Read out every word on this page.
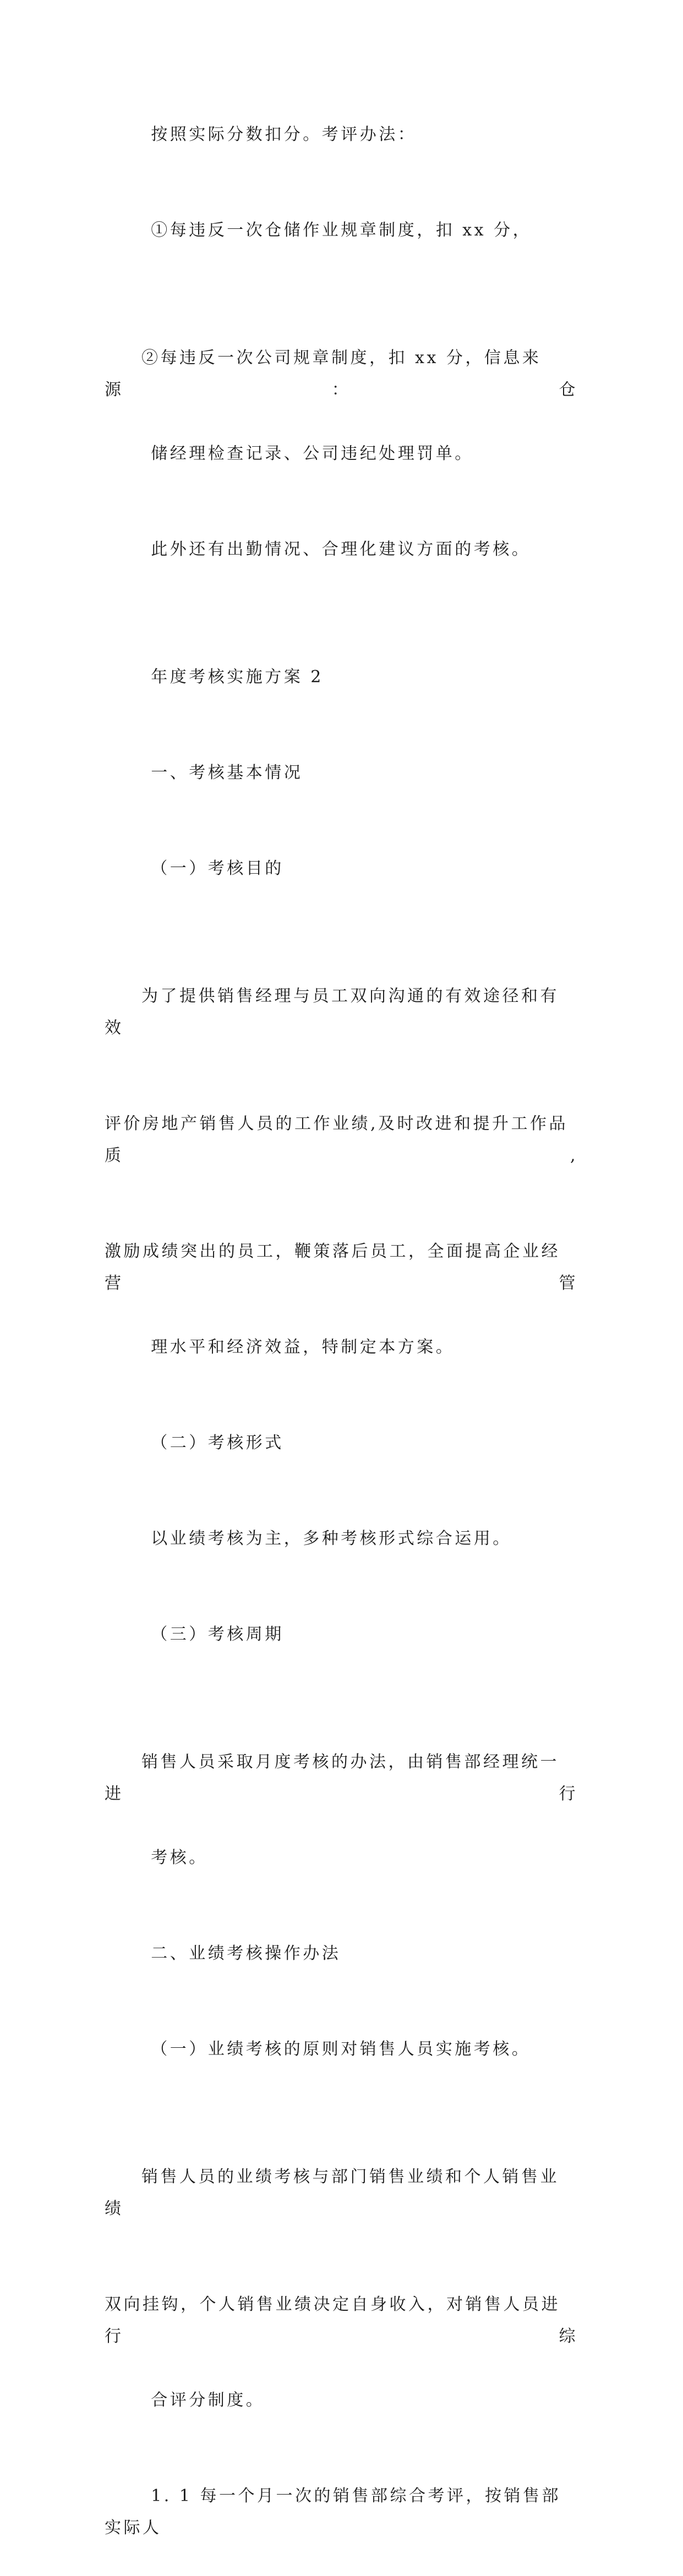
按照实际分数扣分。考评办法：

①每违反一次仓储作业规章制度，扣 xx 分，

②每违反一次公司规章制度，扣 xx 分，信息来源：仓

储经理检查记录、公司违纪处理罚单。

此外还有出勤情况、合理化建议方面的考核。

年度考核实施方案 2

一、考核基本情况

（一）考核目的

为了提供销售经理与员工双向沟通的有效途径和有效

评价房地产销售人员的工作业绩,及时改进和提升工作品质,

激励成绩突出的员工，鞭策落后员工，全面提高企业经营管

理水平和经济效益，特制定本方案。

（二）考核形式

以业绩考核为主，多种考核形式综合运用。

（三）考核周期

销售人员采取月度考核的办法，由销售部经理统一进行

考核。

二、业绩考核操作办法

（一）业绩考核的原则对销售人员实施考核。

销售人员的业绩考核与部门销售业绩和个人销售业绩

双向挂钩，个人销售业绩决定自身收入，对销售人员进行综

合评分制度。

1. 1 每一个月一次的销售部综合考评，按销售部实际人
